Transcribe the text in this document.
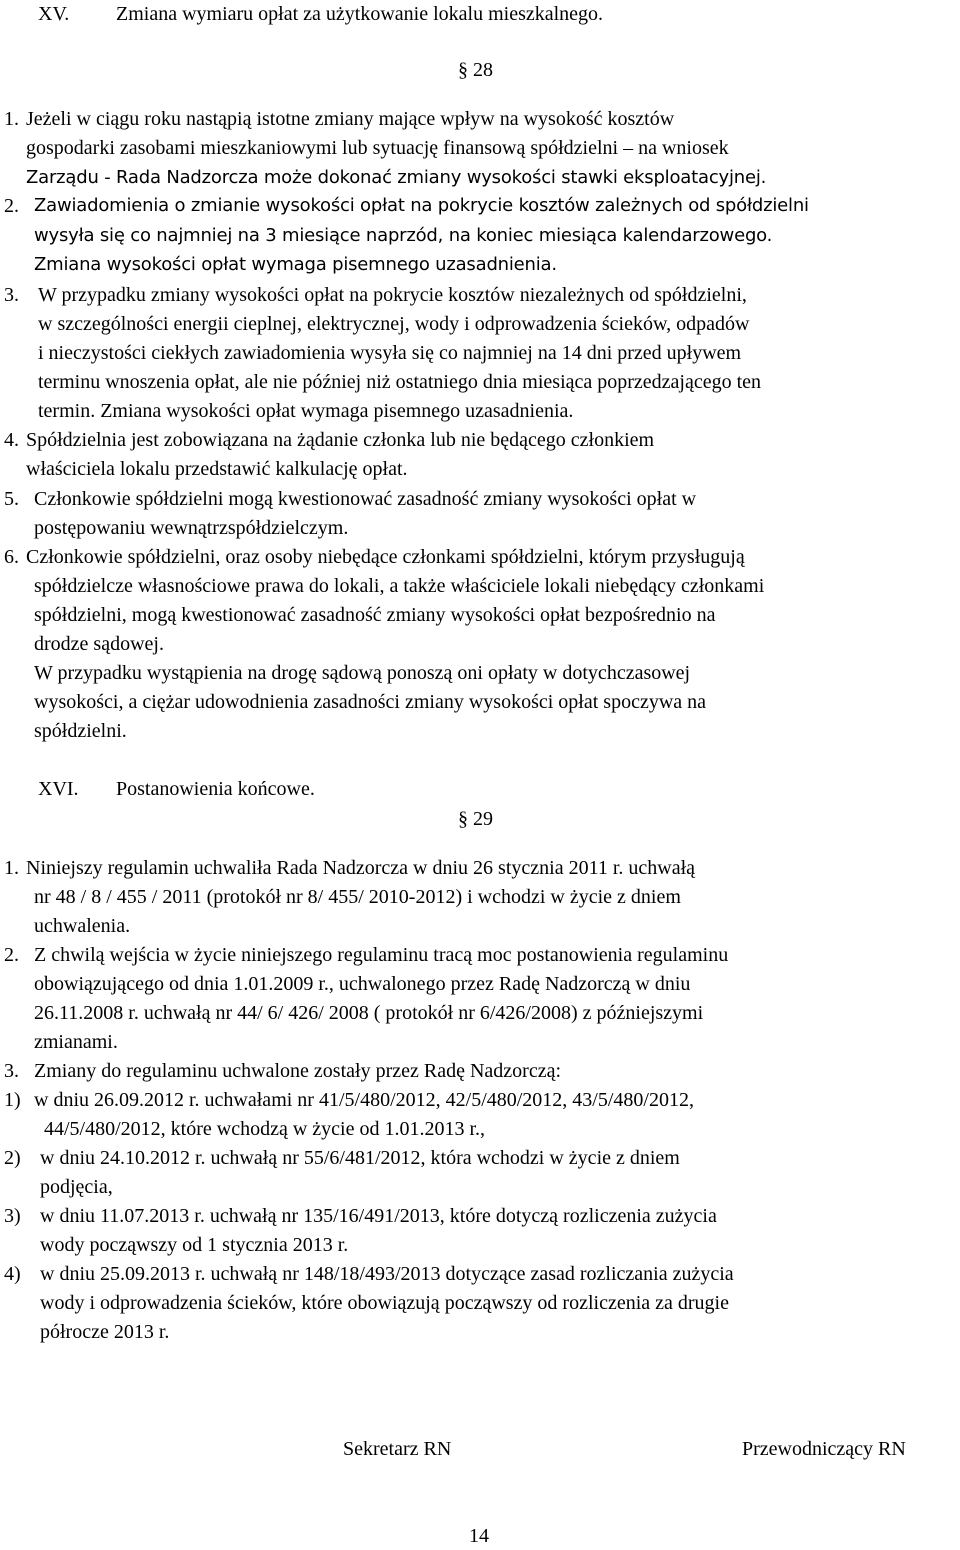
XV. Zmiana wymiaru opłat za użytkowanie lokalu mieszkalnego.
§ 28
1. Jeżeli w ciągu roku nastąpią istotne zmiany mające wpływ na wysokość kosztów
gospodarki zasobami mieszkaniowymi lub sytuację finansową spółdzielni – na wniosek
Zarządu - Rada Nadzorcza może dokonać zmiany wysokości stawki eksploatacyjnej.
2. Zawiadomienia o zmianie wysokości opłat na pokrycie kosztów zależnych od spółdzielni
wysyła się co najmniej na 3 miesiące naprzód, na koniec miesiąca kalendarzowego.
Zmiana wysokości opłat wymaga pisemnego uzasadnienia.
3. W przypadku zmiany wysokości opłat na pokrycie kosztów niezależnych od spółdzielni,
w szczególności energii cieplnej, elektrycznej, wody i odprowadzenia ścieków, odpadów
i nieczystości ciekłych zawiadomienia wysyła się co najmniej na 14 dni przed upływem
terminu wnoszenia opłat, ale nie później niż ostatniego dnia miesiąca poprzedzającego ten
termin. Zmiana wysokości opłat wymaga pisemnego uzasadnienia.
4. Spółdzielnia jest zobowiązana na żądanie członka lub nie będącego członkiem
właściciela lokalu przedstawić kalkulację opłat.
5. Członkowie spółdzielni mogą kwestionować zasadność zmiany wysokości opłat w
postępowaniu wewnątrzspółdzielczym.
6. Członkowie spółdzielni, oraz osoby niebędące członkami spółdzielni, którym przysługują
spółdzielcze własnościowe prawa do lokali, a także właściciele lokali niebędący członkami
spółdzielni, mogą kwestionować zasadność zmiany wysokości opłat bezpośrednio na
drodze sądowej.
W przypadku wystąpienia na drogę sądową ponoszą oni opłaty w dotychczasowej
wysokości, a ciężar udowodnienia zasadności zmiany wysokości opłat spoczywa na
spółdzielni.
XVI. Postanowienia końcowe.
§ 29
1. Niniejszy regulamin uchwaliła Rada Nadzorcza w dniu 26 stycznia 2011 r. uchwałą
nr 48 / 8 / 455 / 2011 (protokół nr 8/ 455/ 2010-2012) i wchodzi w życie z dniem
uchwalenia.
2. Z chwilą wejścia w życie niniejszego regulaminu tracą moc postanowienia regulaminu
obowiązującego od dnia 1.01.2009 r., uchwalonego przez Radę Nadzorczą w dniu
26.11.2008 r. uchwałą nr 44/ 6/ 426/ 2008 ( protokół nr 6/426/2008) z późniejszymi
zmianami.
3. Zmiany do regulaminu uchwalone zostały przez Radę Nadzorczą:
1) w dniu 26.09.2012 r. uchwałami nr 41/5/480/2012, 42/5/480/2012, 43/5/480/2012,
44/5/480/2012, które wchodzą w życie od 1.01.2013 r.,
2) w dniu 24.10.2012 r. uchwałą nr 55/6/481/2012, która wchodzi w życie z dniem
podjęcia,
3) w dniu 11.07.2013 r. uchwałą nr 135/16/491/2013, które dotyczą rozliczenia zużycia
wody począwszy od 1 stycznia 2013 r.
4) w dniu 25.09.2013 r. uchwałą nr 148/18/493/2013 dotyczące zasad rozliczania zużycia
wody i odprowadzenia ścieków, które obowiązują począwszy od rozliczenia za drugie
półrocze 2013 r.
Sekretarz RN	Przewodniczący RN
14
